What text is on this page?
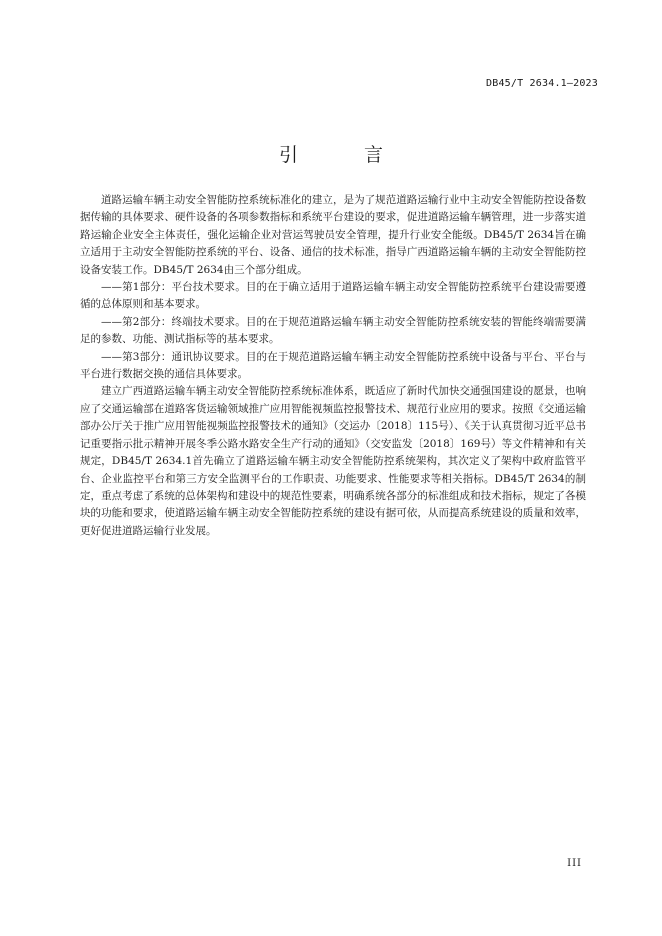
DB45/T 2634.1—2023
引 言

道路运输车辆主动安全智能防控系统标准化的建立，是为了规范道路运输行业中主动安全智能防控设备数据传输的具体要求、硬件设备的各项参数指标和系统平台建设的要求，促进道路运输车辆管理，进一步落实道路运输企业安全主体责任，强化运输企业对营运驾驶员安全管理，提升行业安全能级。DB45/T 2634旨在确立适用于主动安全智能防控系统的平台、设备、通信的技术标准，指导广西道路运输车辆的主动安全智能防控设备安装工作。DB45/T 2634由三个部分组成。

——第1部分：平台技术要求。目的在于确立适用于道路运输车辆主动安全智能防控系统平台建设需要遵循的总体原则和基本要求。

——第2部分：终端技术要求。目的在于规范道路运输车辆主动安全智能防控系统安装的智能终端需要满足的参数、功能、测试指标等的基本要求。

——第3部分：通讯协议要求。目的在于规范道路运输车辆主动安全智能防控系统中设备与平台、平台与平台进行数据交换的通信具体要求。

建立广西道路运输车辆主动安全智能防控系统标准体系，既适应了新时代加快交通强国建设的愿景，也响应了交通运输部在道路客货运输领域推广应用智能视频监控报警技术、规范行业应用的要求。按照《交通运输部办公厅关于推广应用智能视频监控报警技术的通知》（交运办〔2018〕115号）、《关于认真贯彻习近平总书记重要指示批示精神开展冬季公路水路安全生产行动的通知》（交安监发〔2018〕169号）等文件精神和有关规定，DB45/T 2634.1首先确立了道路运输车辆主动安全智能防控系统架构，其次定义了架构中政府监管平台、企业监控平台和第三方安全监测平台的工作职责、功能要求、性能要求等相关指标。DB45/T 2634的制定，重点考虑了系统的总体架构和建设中的规范性要素，明确系统各部分的标准组成和技术指标，规定了各模块的功能和要求，使道路运输车辆主动安全智能防控系统的建设有据可依，从而提高系统建设的质量和效率，更好促进道路运输行业发展。

III
